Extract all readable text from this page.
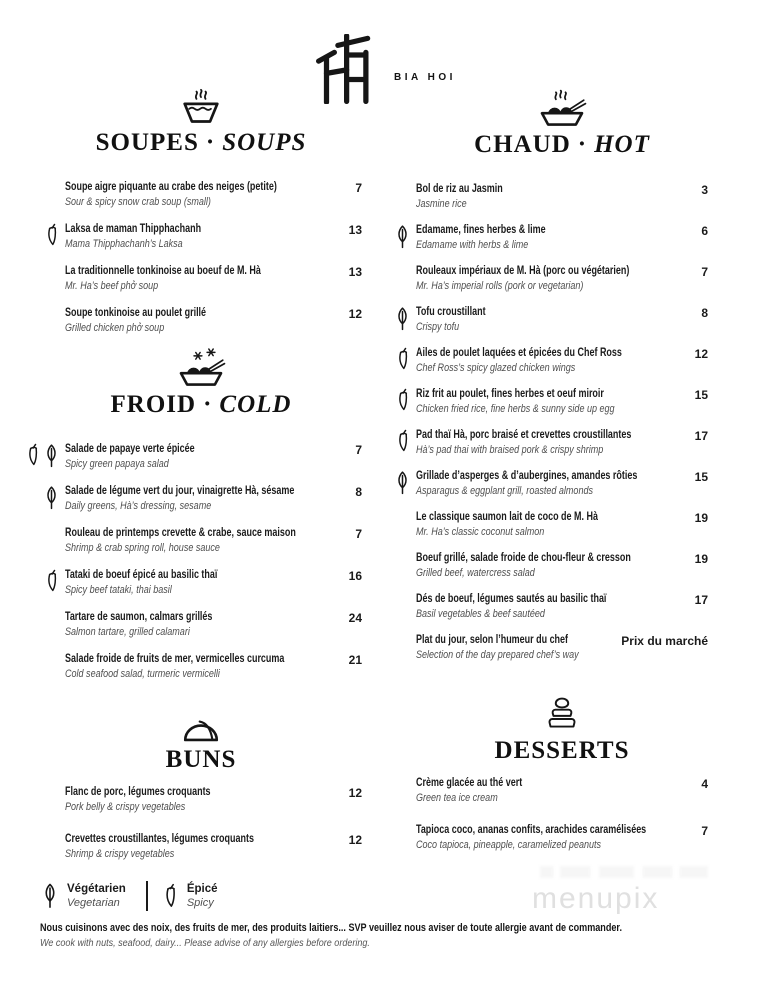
BIA HOI
SOUPES · SOUPS
Soupe aigre piquante au crabe des neiges (petite)
Sour & spicy snow crab soup (small)
7
Laksa de maman Thipphachanh
Mama Thipphachanh’s Laksa
13
La traditionnelle tonkinoise au boeuf de M. Hà
Mr. Ha’s beef phở soup
13
Soupe tonkinoise au poulet grillé
Grilled chicken phở soup
12
FROID · COLD
Salade de papaye verte épicée
Spicy green papaya salad
7
Salade de légume vert du jour, vinaigrette Hà, sésame
Daily greens, Hà’s dressing, sesame
8
Rouleau de printemps crevette & crabe, sauce maison
Shrimp & crab spring roll, house sauce
7
Tataki de boeuf épicé au basilic thaï
Spicy beef tataki, thai basil
16
Tartare de saumon, calmars grillés
Salmon tartare, grilled calamari
24
Salade froide de fruits de mer, vermicelles curcuma
Cold seafood salad, turmeric vermicelli
21
BUNS
Flanc de porc, légumes croquants
Pork belly & crispy vegetables
12
Crevettes croustillantes, légumes croquants
Shrimp & crispy vegetables
12
Végétarien
Vegetarian
Épicé
Spicy
CHAUD · HOT
Bol de riz au Jasmin
Jasmine rice
3
Edamame, fines herbes & lime
Edamame with herbs & lime
6
Rouleaux impériaux de M. Hà (porc ou végétarien)
Mr. Ha’s imperial rolls (pork or vegetarian)
7
Tofu croustillant
Crispy tofu
8
Ailes de poulet laquées et épicées du Chef Ross
Chef Ross’s spicy glazed chicken wings
12
Riz frit au poulet, fines herbes et oeuf miroir
Chicken fried rice, fine herbs & sunny side up egg
15
Pad thaï Hà, porc braisé et crevettes croustillantes
Hà’s pad thai with braised pork & crispy shrimp
17
Grillade d’asperges & d’aubergines, amandes rôties
Asparagus & eggplant grill, roasted almonds
15
Le classique saumon lait de coco de M. Hà
Mr. Ha’s classic coconut salmon
19
Boeuf grillé, salade froide de chou-fleur & cresson
Grilled beef, watercress salad
19
Dés de boeuf, légumes sautés au basilic thaï
Basil vegetables & beef sautéed
17
Plat du jour, selon l’humeur du chef
Selection of the day prepared chef’s way
Prix du marché
DESSERTS
Crème glacée au thé vert
Green tea ice cream
4
Tapioca coco, ananas confits, arachides caramélisées
Coco tapioca, pineapple, caramelized peanuts
7
menupix
Nous cuisinons avec des noix, des fruits de mer, des produits laitiers... SVP veuillez nous aviser de toute allergie avant de commander.
We cook with nuts, seafood, dairy... Please advise of any allergies before ordering.
